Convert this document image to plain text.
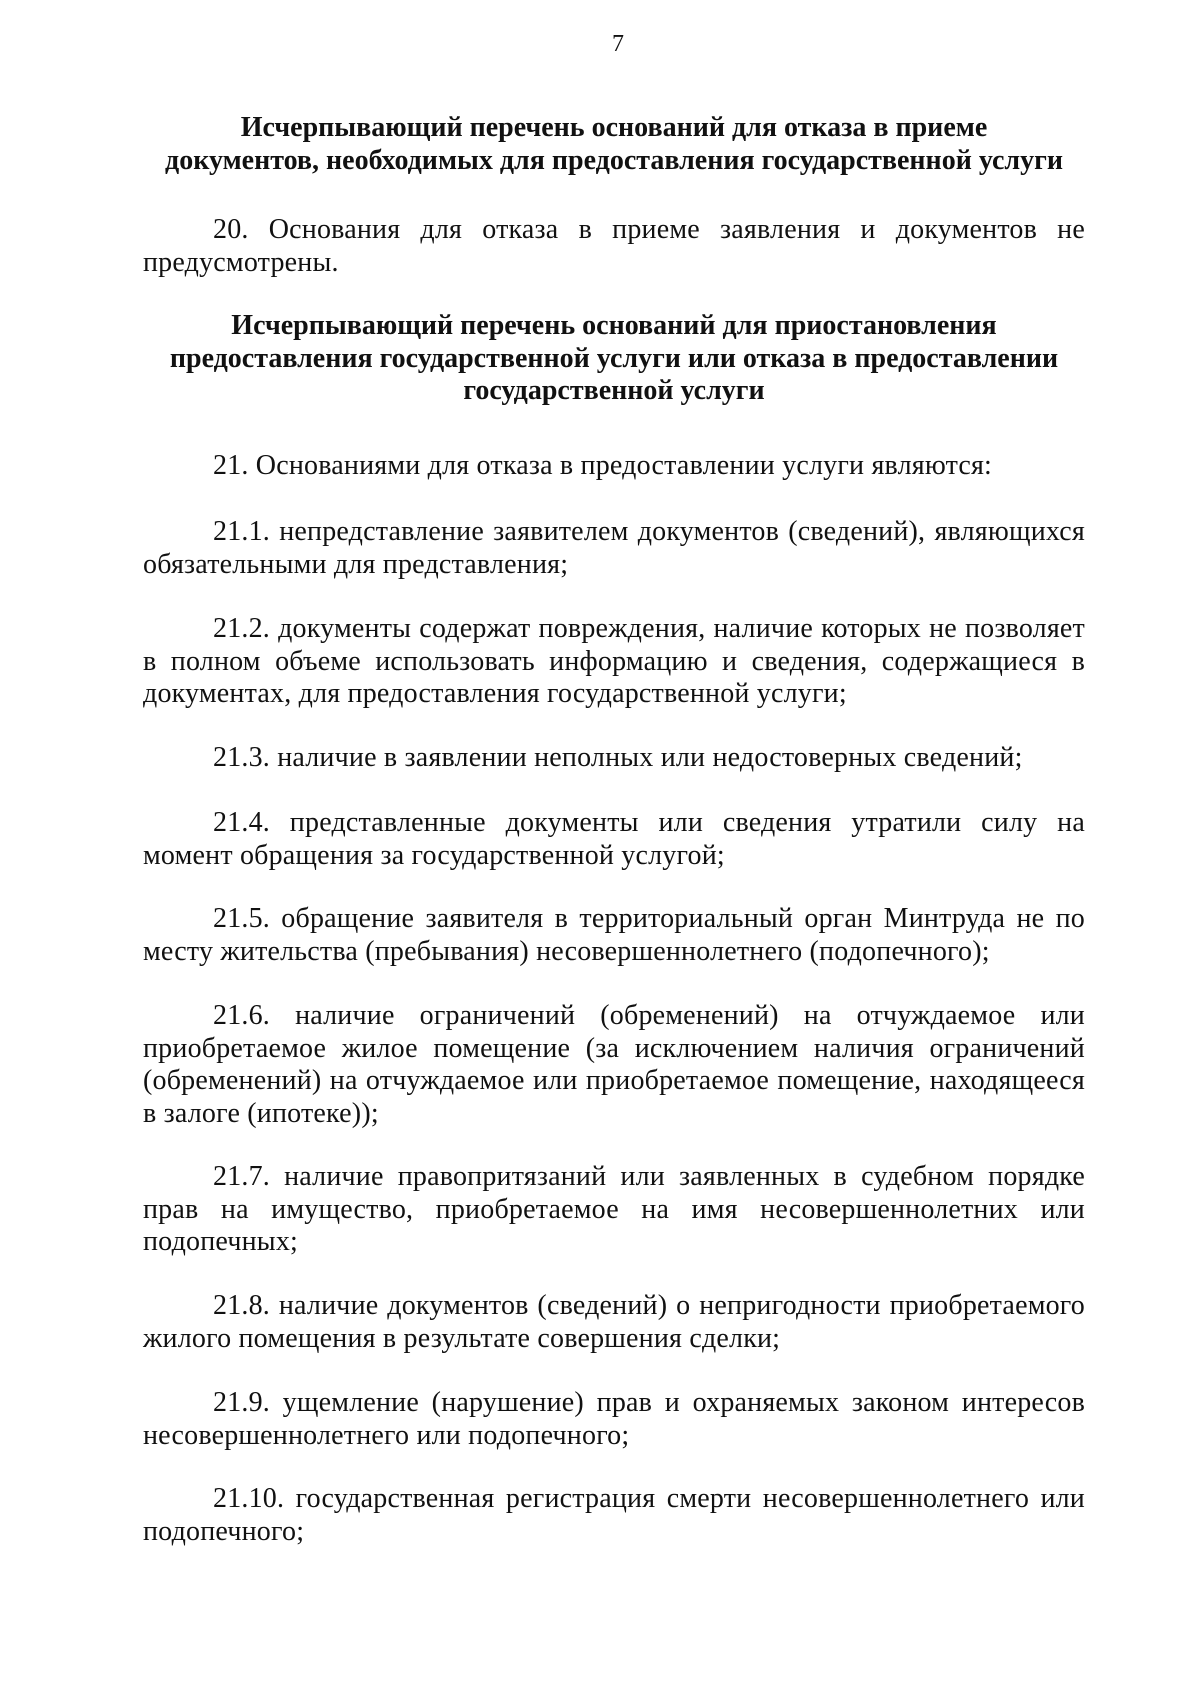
7
Исчерпывающий перечень оснований для отказа в приеме
документов, необходимых для предоставления государственной услуги

20. Основания для отказа в приеме заявления и документов не предусмотрены.

Исчерпывающий перечень оснований для приостановления
предоставления государственной услуги или отказа в предоставлении
государственной услуги

21. Основаниями для отказа в предоставлении услуги являются:

21.1. непредставление заявителем документов (сведений), являющихся обязательными для представления;

21.2. документы содержат повреждения, наличие которых не позволяет в полном объеме использовать информацию и сведения, содержащиеся в документах, для предоставления государственной услуги;

21.3. наличие в заявлении неполных или недостоверных сведений;

21.4. представленные документы или сведения утратили силу на момент обращения за государственной услугой;

21.5. обращение заявителя в территориальный орган Минтруда не по месту жительства (пребывания) несовершеннолетнего (подопечного);

21.6. наличие ограничений (обременений) на отчуждаемое или приобретаемое жилое помещение (за исключением наличия ограничений (обременений) на отчуждаемое или приобретаемое помещение, находящееся в залоге (ипотеке));

21.7. наличие правопритязаний или заявленных в судебном порядке прав на имущество, приобретаемое на имя несовершеннолетних или подопечных;

21.8. наличие документов (сведений) о непригодности приобретаемого жилого помещения в результате совершения сделки;

21.9. ущемление (нарушение) прав и охраняемых законом интересов несовершеннолетнего или подопечного;

21.10. государственная регистрация смерти несовершеннолетнего или подопечного;
